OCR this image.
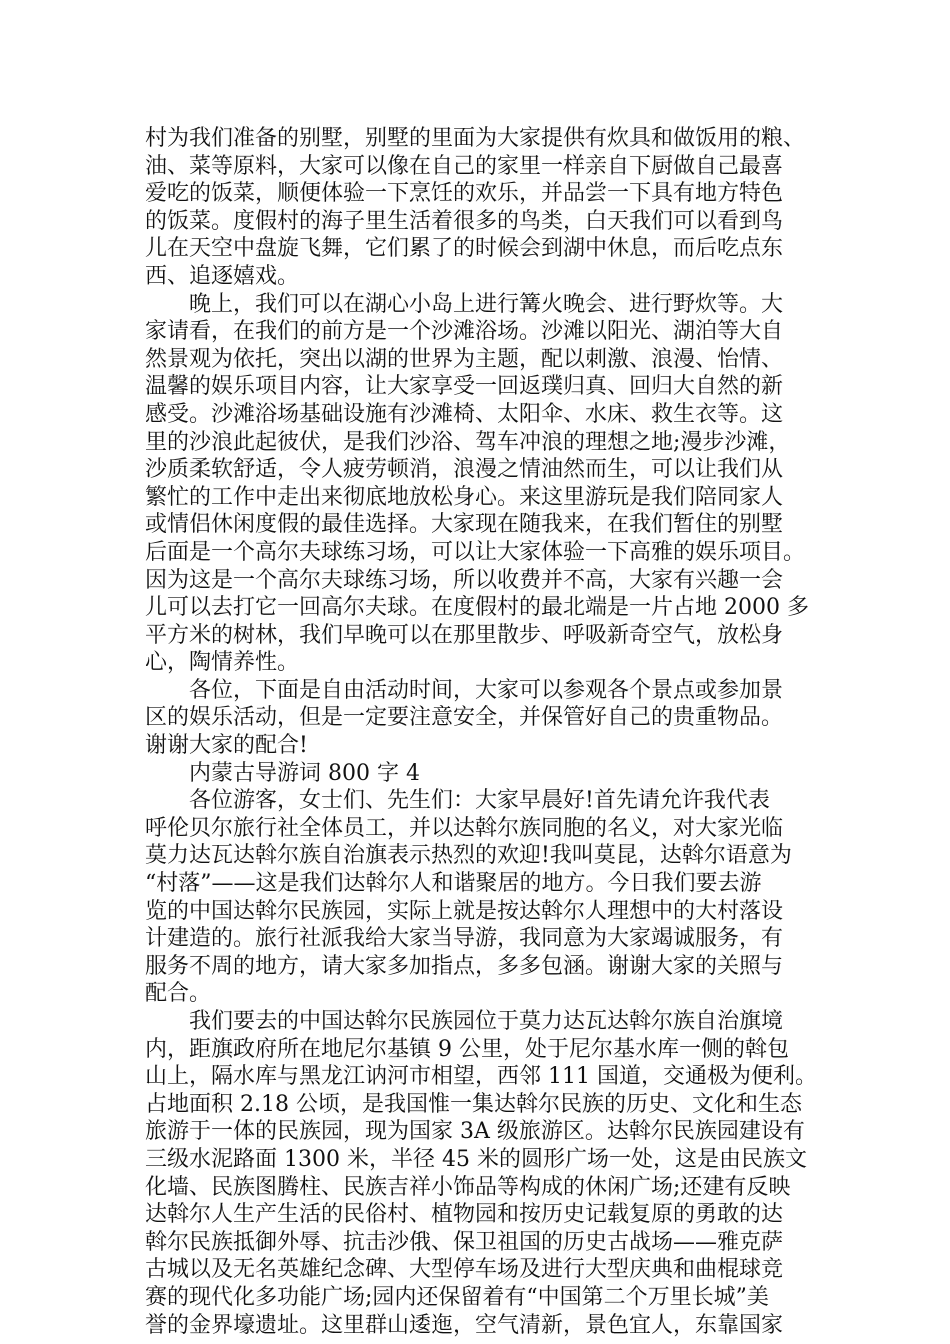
村为我们准备的别墅，别墅的里面为大家提供有炊具和做饭用的粮、
油、菜等原料，大家可以像在自己的家里一样亲自下厨做自己最喜
爱吃的饭菜，顺便体验一下烹饪的欢乐，并品尝一下具有地方特色
的饭菜。度假村的海子里生活着很多的鸟类，白天我们可以看到鸟
儿在天空中盘旋飞舞，它们累了的时候会到湖中休息，而后吃点东
西、追逐嬉戏。
晚上，我们可以在湖心小岛上进行篝火晚会、进行野炊等。大
家请看，在我们的前方是一个沙滩浴场。沙滩以阳光、湖泊等大自
然景观为依托，突出以湖的世界为主题，配以刺激、浪漫、怡情、
温馨的娱乐项目内容，让大家享受一回返璞归真、回归大自然的新
感受。沙滩浴场基础设施有沙滩椅、太阳伞、水床、救生衣等。这
里的沙浪此起彼伏，是我们沙浴、驾车冲浪的理想之地;漫步沙滩，
沙质柔软舒适，令人疲劳顿消，浪漫之情油然而生，可以让我们从
繁忙的工作中走出来彻底地放松身心。来这里游玩是我们陪同家人
或情侣休闲度假的最佳选择。大家现在随我来，在我们暂住的别墅
后面是一个高尔夫球练习场，可以让大家体验一下高雅的娱乐项目。
因为这是一个高尔夫球练习场，所以收费并不高，大家有兴趣一会
儿可以去打它一回高尔夫球。在度假村的最北端是一片占地 2000 多
平方米的树林，我们早晚可以在那里散步、呼吸新奇空气，放松身
心，陶情养性。
各位，下面是自由活动时间，大家可以参观各个景点或参加景
区的娱乐活动，但是一定要注意安全，并保管好自己的贵重物品。
谢谢大家的配合!
内蒙古导游词 800 字 4
各位游客，女士们、先生们：大家早晨好!首先请允许我代表
呼伦贝尔旅行社全体员工，并以达斡尔族同胞的名义，对大家光临
莫力达瓦达斡尔族自治旗表示热烈的欢迎!我叫莫昆，达斡尔语意为
“村落”——这是我们达斡尔人和谐聚居的地方。今日我们要去游
览的中国达斡尔民族园，实际上就是按达斡尔人理想中的大村落设
计建造的。旅行社派我给大家当导游，我同意为大家竭诚服务，有
服务不周的地方，请大家多加指点，多多包涵。谢谢大家的关照与
配合。
我们要去的中国达斡尔民族园位于莫力达瓦达斡尔族自治旗境
内，距旗政府所在地尼尔基镇 9 公里，处于尼尔基水库一侧的斡包
山上，隔水库与黑龙江讷河市相望，西邻 111 国道，交通极为便利。
占地面积 2.18 公顷，是我国惟一集达斡尔民族的历史、文化和生态
旅游于一体的民族园，现为国家 3A 级旅游区。达斡尔民族园建设有
三级水泥路面 1300 米，半径 45 米的圆形广场一处，这是由民族文
化墙、民族图腾柱、民族吉祥小饰品等构成的休闲广场;还建有反映
达斡尔人生产生活的民俗村、植物园和按历史记载复原的勇敢的达
斡尔民族抵御外辱、抗击沙俄、保卫祖国的历史古战场——雅克萨
古城以及无名英雄纪念碑、大型停车场及进行大型庆典和曲棍球竞
赛的现代化多功能广场;园内还保留着有“中国第二个万里长城”美
誉的金界壕遗址。这里群山逶迤，空气清新，景色宜人，东靠国家
